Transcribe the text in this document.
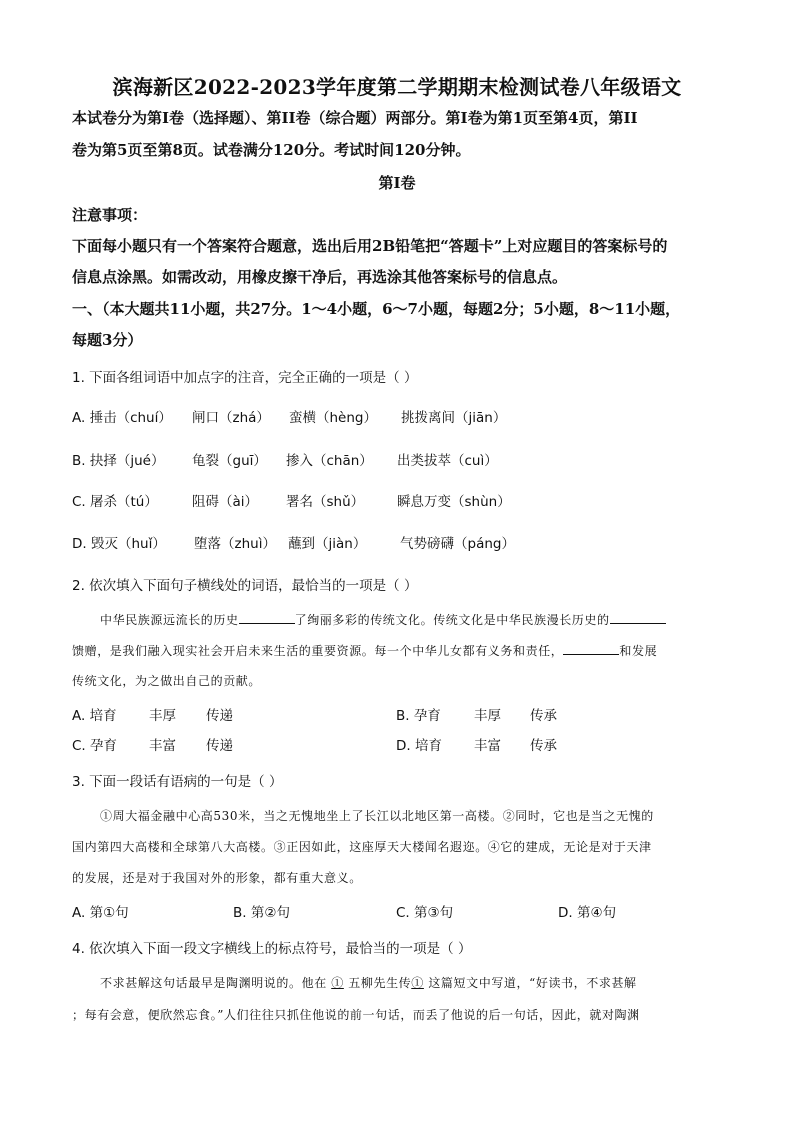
滨海新区2022-2023学年度第二学期期末检测试卷八年级语文
本试卷分为第I卷（选择题）、第II卷（综合题）两部分。第I卷为第1页至第4页，第II
卷为第5页至第8页。试卷满分120分。考试时间120分钟。
第I卷
注意事项：
下面每小题只有一个答案符合题意，选出后用2B铅笔把“答题卡”上对应题目的答案标号的
信息点涂黑。如需改动，用橡皮擦干净后，再选涂其他答案标号的信息点。
一、（本大题共11小题，共27分。1～4小题，6～7小题，每题2分；5小题，8～11小题，
每题3分）
1. 下面各组词语中加点字的注音，完全正确的一项是（ ）
A. 捶击（chuí） 闸口（zhá） 蛮横（hèng） 挑拨离间（jiān）
B. 抉择（jué） 龟裂（guī） 掺入（chān） 出类拔萃（cuì）
C. 屠杀（tú）	阻碍（ài） 署名（shǔ） 瞬息万变（shùn）
D. 毁灭（huǐ） 堕落（zhuì） 蘸到（jiàn） 气势磅礴（páng）
2. 依次填入下面句子横线处的词语，最恰当的一项是（ ）
中华民族源远流长的历史	了绚丽多彩的传统文化。传统文化是中华民族漫长历史的
馈赠，是我们融入现实社会开启未来生活的重要资源。每一个中华儿女都有义务和责任，	和发展
传统文化，为之做出自己的贡献。
A. 培育 丰厚 传递	B. 孕育 丰厚 传承
C. 孕育 丰富 传递	D. 培育 丰富 传承
3. 下面一段话有语病的一句是（ ）
①周大福金融中心高530米，当之无愧地坐上了长江以北地区第一高楼。②同时，它也是当之无愧的
国内第四大高楼和全球第八大高楼。③正因如此，这座厚天大楼闻名遐迩。④它的建成，无论是对于天津
的发展，还是对于我国对外的形象，都有重大意义。
A. 第①句	B. 第②句	C. 第③句	D. 第④句
4. 依次填入下面一段文字横线上的标点符号，最恰当的一项是（ ）
不求甚解这句话最早是陶渊明说的。他在 ① 五柳先生传① 这篇短文中写道，“好读书，不求甚解
；每有会意，便欣然忘食。”人们往往只抓住他说的前一句话，而丢了他说的后一句话，因此，就对陶渊
